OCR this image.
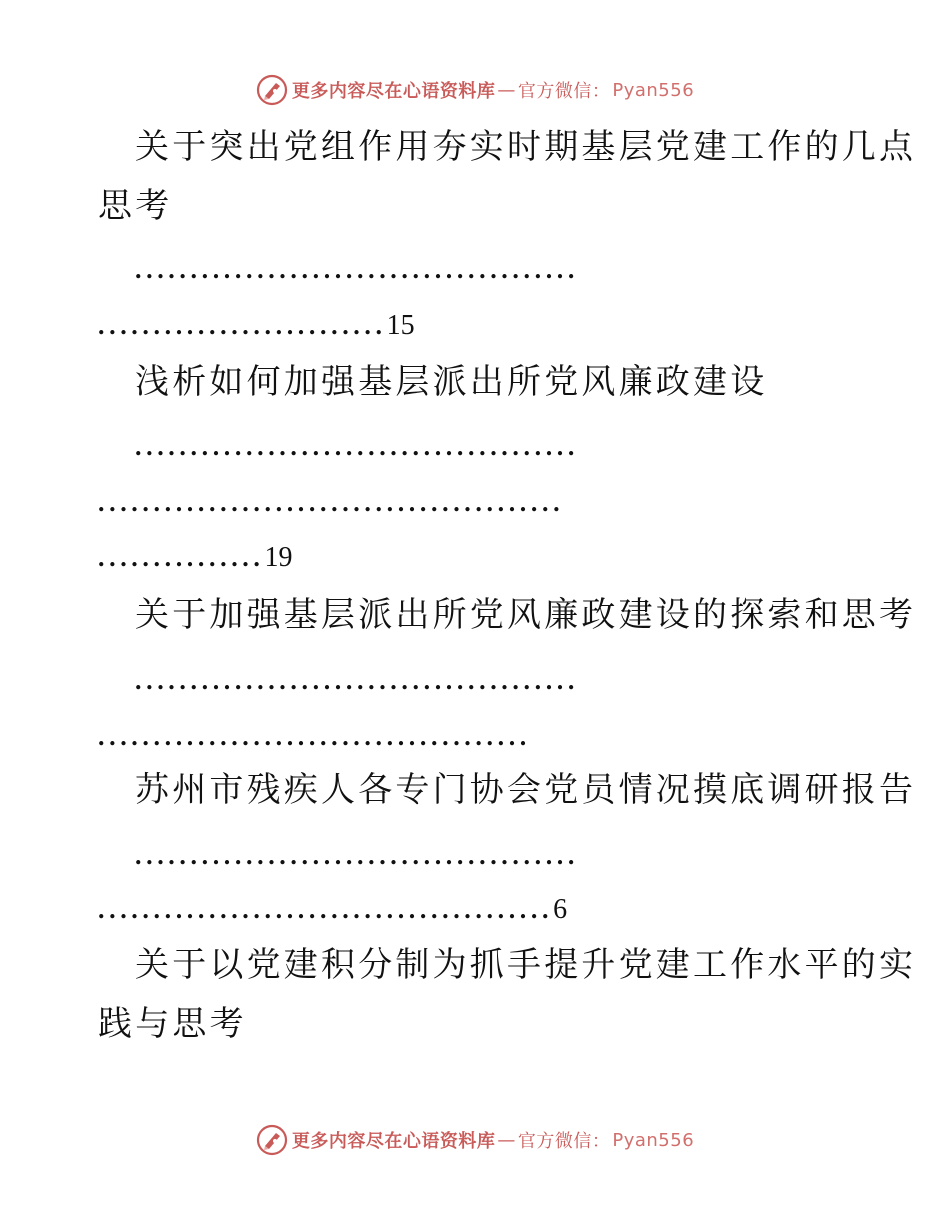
更多内容尽在心语资料库 — 官方微信： Pyan556
关于突出党组作用夯实时期基层党建工作的几点
思考
........................................
..........................15
浅析如何加强基层派出所党风廉政建设
........................................
..........................................
...............19
关于加强基层派出所党风廉政建设的探索和思考
........................................
.......................................
苏州市残疾人各专门协会党员情况摸底调研报告
........................................
.........................................6
关于以党建积分制为抓手提升党建工作水平的实
践与思考
更多内容尽在心语资料库 — 官方微信： Pyan556
